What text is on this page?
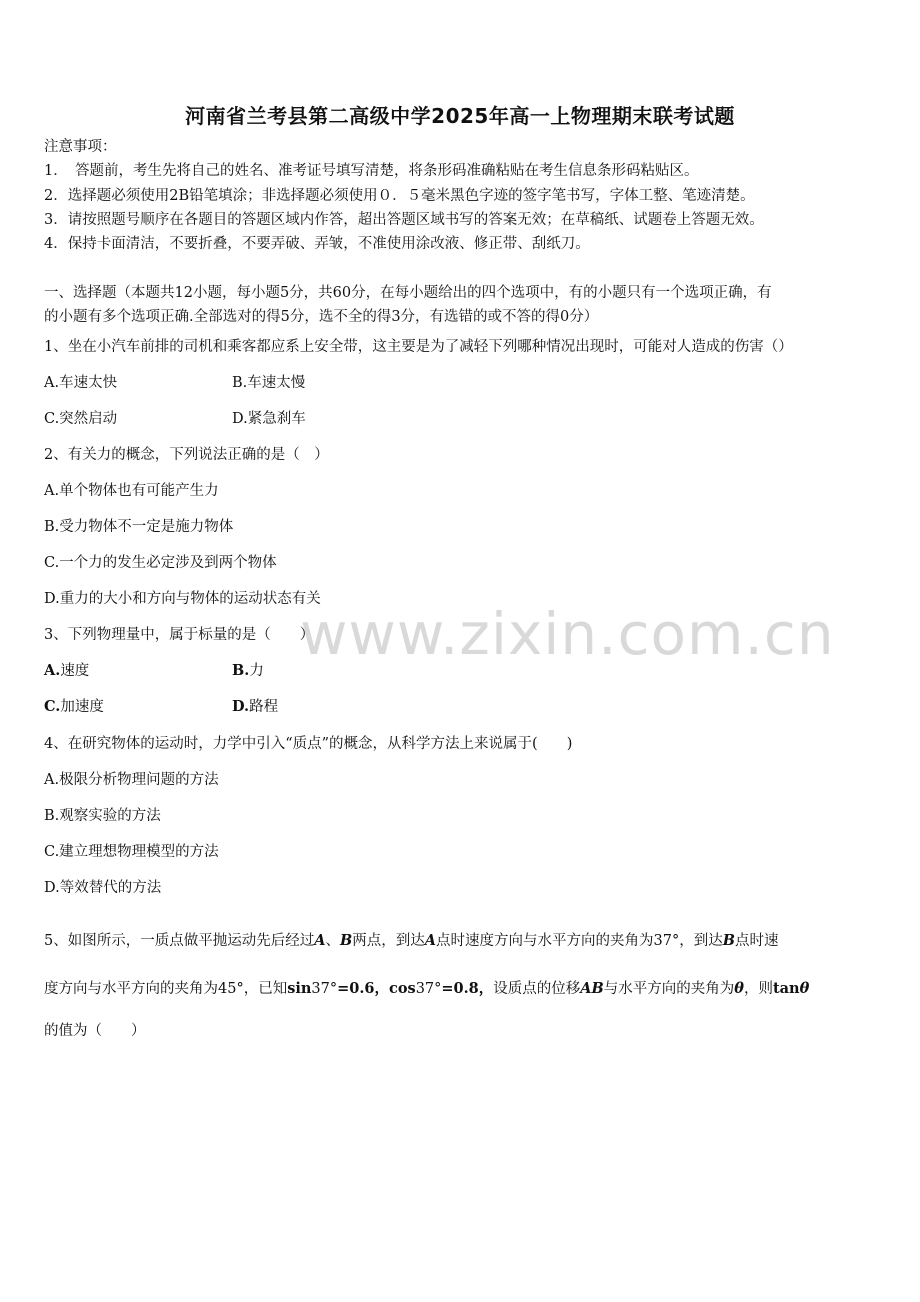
河南省兰考县第二高级中学2025年高一上物理期末联考试题
注意事项：
1．　答题前，考生先将自己的姓名、准考证号填写清楚，将条形码准确粘贴在考生信息条形码粘贴区。
2．选择题必须使用2B铅笔填涂；非选择题必须使用０．５毫米黑色字迹的签字笔书写，字体工整、笔迹清楚。
3．请按照题号顺序在各题目的答题区域内作答，超出答题区域书写的答案无效；在草稿纸、试题卷上答题无效。
4．保持卡面清洁，不要折叠，不要弄破、弄皱，不准使用涂改液、修正带、刮纸刀。
一、选择题（本题共12小题，每小题5分，共60分，在每小题给出的四个选项中，有的小题只有一个选项正确，有
的小题有多个选项正确.全部选对的得5分，选不全的得3分，有选错的或不答的得0分）
1、坐在小汽车前排的司机和乘客都应系上安全带，这主要是为了减轻下列哪种情况出现时，可能对人造成的伤害（）
A.车速太快	B.车速太慢
C.突然启动	D.紧急刹车
2、有关力的概念，下列说法正确的是（　）
A.单个物体也有可能产生力
B.受力物体不一定是施力物体
C.一个力的发生必定涉及到两个物体
D.重力的大小和方向与物体的运动状态有关
www.zixin.com.cn
3、下列物理量中，属于标量的是（　　）
A.速度	B.力
C.加速度	D.路程
4、在研究物体的运动时，力学中引入“质点”的概念，从科学方法上来说属于(　　)
A.极限分析物理问题的方法
B.观察实验的方法
C.建立理想物理模型的方法
D.等效替代的方法
5、如图所示，一质点做平抛运动先后经过A、B两点，到达A点时速度方向与水平方向的夹角为37°，到达B点时速
度方向与水平方向的夹角为45°，已知sin37°=0.6，cos37°=0.8，设质点的位移AB与水平方向的夹角为θ，则tanθ
的值为（　　）
